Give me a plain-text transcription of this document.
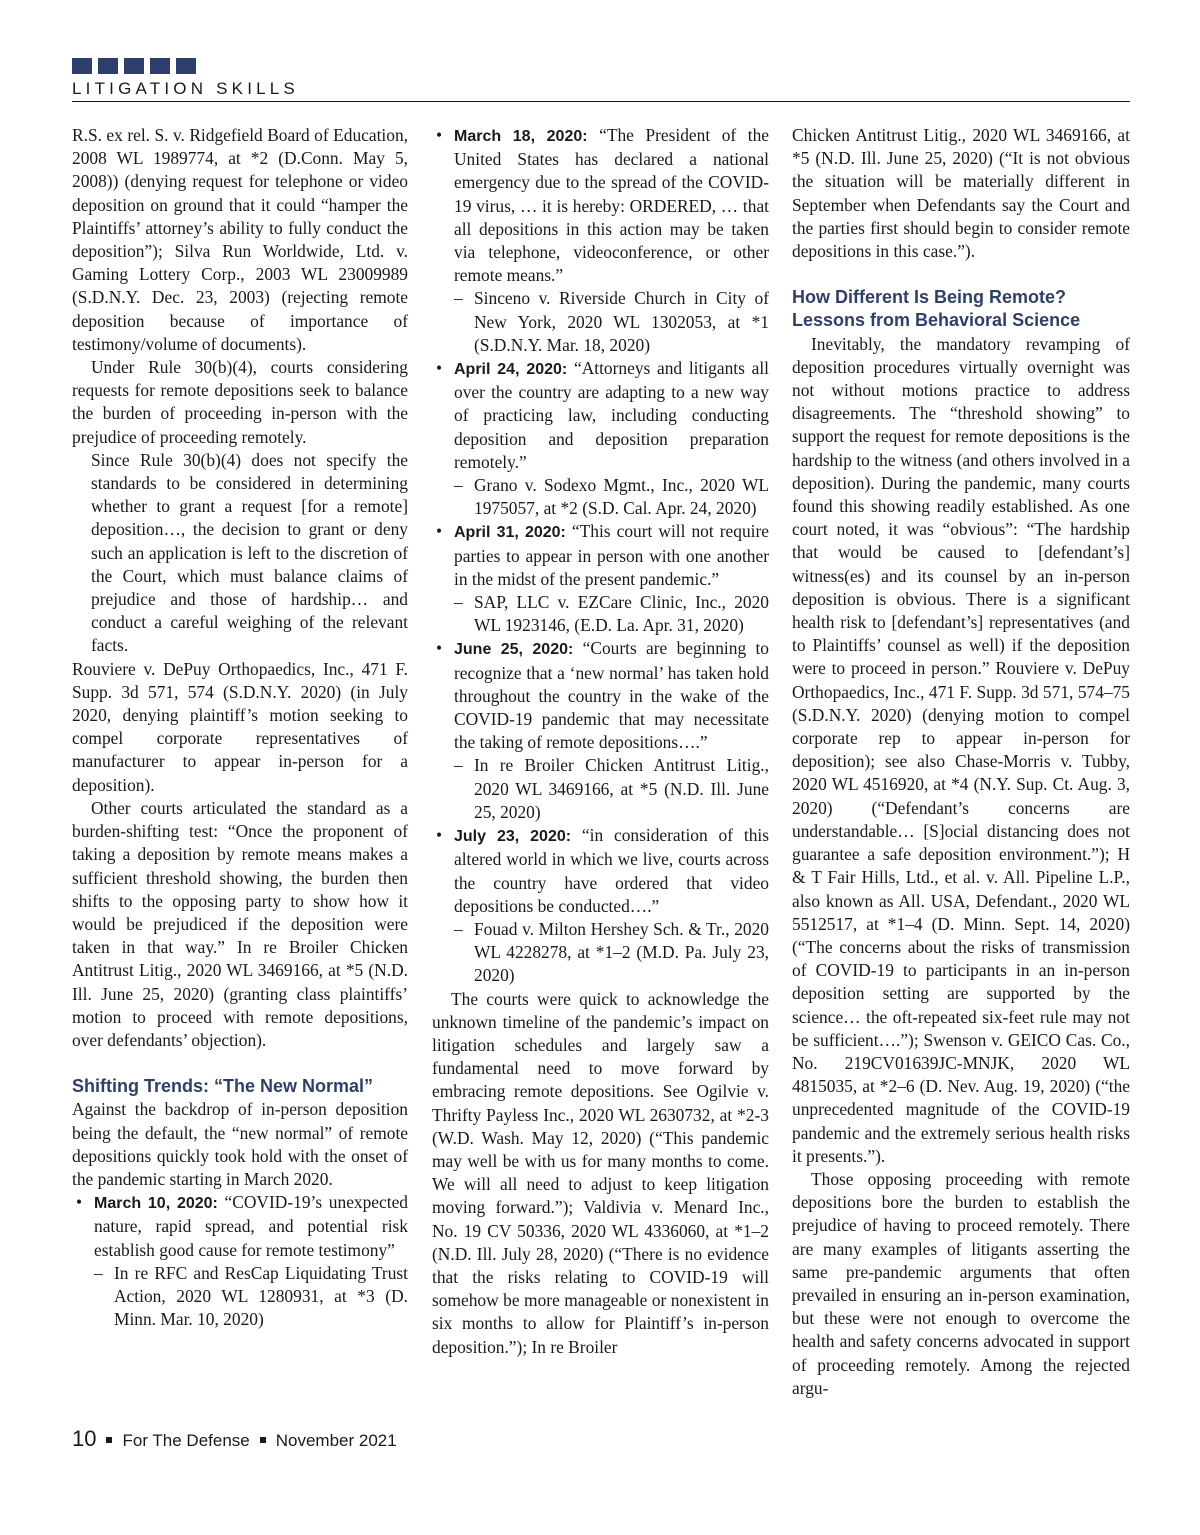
LITIGATION SKILLS

R.S. ex rel. S. v. Ridgefield Board of Education, 2008 WL 1989774, at *2 (D.Conn. May 5, 2008)) (denying request for telephone or video deposition on ground that it could “hamper the Plaintiffs’ attorney’s ability to fully conduct the deposition”); Silva Run Worldwide, Ltd. v. Gaming Lottery Corp., 2003 WL 23009989 (S.D.N.Y. Dec. 23, 2003) (rejecting remote deposition because of importance of testimony/volume of documents).

Under Rule 30(b)(4), courts considering requests for remote depositions seek to balance the burden of proceeding in-person with the prejudice of proceeding remotely.

Since Rule 30(b)(4) does not specify the standards to be considered in determining whether to grant a request [for a remote] deposition…, the decision to grant or deny such an application is left to the discretion of the Court, which must balance claims of prejudice and those of hardship… and conduct a careful weighing of the relevant facts.

Rouviere v. DePuy Orthopaedics, Inc., 471 F. Supp. 3d 571, 574 (S.D.N.Y. 2020) (in July 2020, denying plaintiff’s motion seeking to compel corporate representatives of manufacturer to appear in-person for a deposition).

Other courts articulated the standard as a burden-shifting test: “Once the proponent of taking a deposition by remote means makes a sufficient threshold showing, the burden then shifts to the opposing party to show how it would be prejudiced if the deposition were taken in that way.” In re Broiler Chicken Antitrust Litig., 2020 WL 3469166, at *5 (N.D. Ill. June 25, 2020) (granting class plaintiffs’ motion to proceed with remote depositions, over defendants’ objection).

Shifting Trends: “The New Normal”

Against the backdrop of in-person deposition being the default, the “new normal” of remote depositions quickly took hold with the onset of the pandemic starting in March 2020.

• March 10, 2020: “COVID-19’s unexpected nature, rapid spread, and potential risk establish good cause for remote testimony”
– In re RFC and ResCap Liquidating Trust Action, 2020 WL 1280931, at *3 (D. Minn. Mar. 10, 2020)
• March 18, 2020: “The President of the United States has declared a national emergency due to the spread of the COVID-19 virus, … it is hereby: ORDERED, … that all depositions in this action may be taken via telephone, videoconference, or other remote means.”
– Sinceno v. Riverside Church in City of New York, 2020 WL 1302053, at *1 (S.D.N.Y. Mar. 18, 2020)
• April 24, 2020: “Attorneys and litigants all over the country are adapting to a new way of practicing law, including conducting deposition and deposition preparation remotely.”
– Grano v. Sodexo Mgmt., Inc., 2020 WL 1975057, at *2 (S.D. Cal. Apr. 24, 2020)
• April 31, 2020: “This court will not require parties to appear in person with one another in the midst of the present pandemic.”
– SAP, LLC v. EZCare Clinic, Inc., 2020 WL 1923146, (E.D. La. Apr. 31, 2020)
• June 25, 2020: “Courts are beginning to recognize that a ‘new normal’ has taken hold throughout the country in the wake of the COVID-19 pandemic that may necessitate the taking of remote depositions….”
– In re Broiler Chicken Antitrust Litig., 2020 WL 3469166, at *5 (N.D. Ill. June 25, 2020)
• July 23, 2020: “in consideration of this altered world in which we live, courts across the country have ordered that video depositions be conducted….”
– Fouad v. Milton Hershey Sch. & Tr., 2020 WL 4228278, at *1–2 (M.D. Pa. July 23, 2020)

The courts were quick to acknowledge the unknown timeline of the pandemic’s impact on litigation schedules and largely saw a fundamental need to move forward by embracing remote depositions. See Ogilvie v. Thrifty Payless Inc., 2020 WL 2630732, at *2-3 (W.D. Wash. May 12, 2020) (“This pandemic may well be with us for many months to come. We will all need to adjust to keep litigation moving forward.”); Valdivia v. Menard Inc., No. 19 CV 50336, 2020 WL 4336060, at *1–2 (N.D. Ill. July 28, 2020) (“There is no evidence that the risks relating to COVID-19 will somehow be more manageable or nonexistent in six months to allow for Plaintiff’s in-person deposition.”); In re Broiler

Chicken Antitrust Litig., 2020 WL 3469166, at *5 (N.D. Ill. June 25, 2020) (“It is not obvious the situation will be materially different in September when Defendants say the Court and the parties first should begin to consider remote depositions in this case.”).

How Different Is Being Remote?
Lessons from Behavioral Science

Inevitably, the mandatory revamping of deposition procedures virtually overnight was not without motions practice to address disagreements. The “threshold showing” to support the request for remote depositions is the hardship to the witness (and others involved in a deposition). During the pandemic, many courts found this showing readily established. As one court noted, it was “obvious”: “The hardship that would be caused to [defendant’s] witness(es) and its counsel by an in-person deposition is obvious. There is a significant health risk to [defendant’s] representatives (and to Plaintiffs’ counsel as well) if the deposition were to proceed in person.” Rouviere v. DePuy Orthopaedics, Inc., 471 F. Supp. 3d 571, 574–75 (S.D.N.Y. 2020) (denying motion to compel corporate rep to appear in-person for deposition); see also Chase-Morris v. Tubby, 2020 WL 4516920, at *4 (N.Y. Sup. Ct. Aug. 3, 2020) (“Defendant’s concerns are understandable… [S]ocial distancing does not guarantee a safe deposition environment.”); H & T Fair Hills, Ltd., et al. v. All. Pipeline L.P., also known as All. USA, Defendant., 2020 WL 5512517, at *1–4 (D. Minn. Sept. 14, 2020) (“The concerns about the risks of transmission of COVID-19 to participants in an in-person deposition setting are supported by the science… the oft-repeated six-feet rule may not be sufficient….”); Swenson v. GEICO Cas. Co., No. 219CV01639JC-MNJK, 2020 WL 4815035, at *2–6 (D. Nev. Aug. 19, 2020) (“the unprecedented magnitude of the COVID-19 pandemic and the extremely serious health risks it presents.”).

Those opposing proceeding with remote depositions bore the burden to establish the prejudice of having to proceed remotely. There are many examples of litigants asserting the same pre-pandemic arguments that often prevailed in ensuring an in-person examination, but these were not enough to overcome the health and safety concerns advocated in support of proceeding remotely. Among the rejected argu-

10 For The Defense November 2021
